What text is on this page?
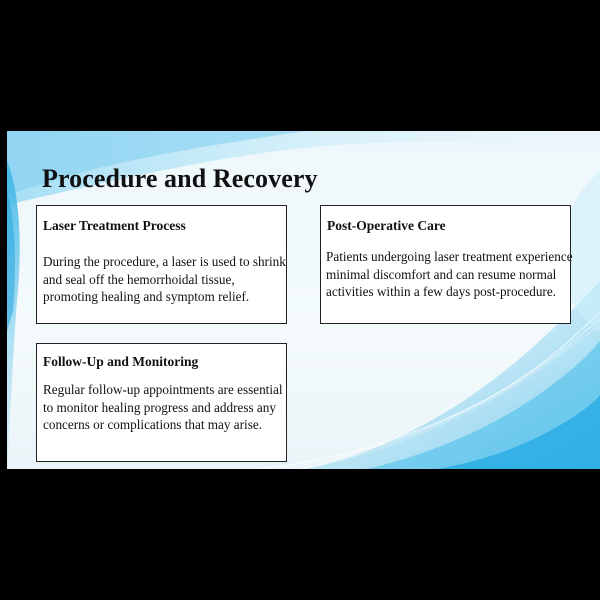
Procedure and Recovery
Laser Treatment Process

During the procedure, a laser is used to shrink and seal off the hemorrhoidal tissue, promoting healing and symptom relief.

Post-Operative Care

Patients undergoing laser treatment experience minimal discomfort and can resume normal activities within a few days post-procedure.

Follow-Up and Monitoring

Regular follow-up appointments are essential to monitor healing progress and address any concerns or complications that may arise.
